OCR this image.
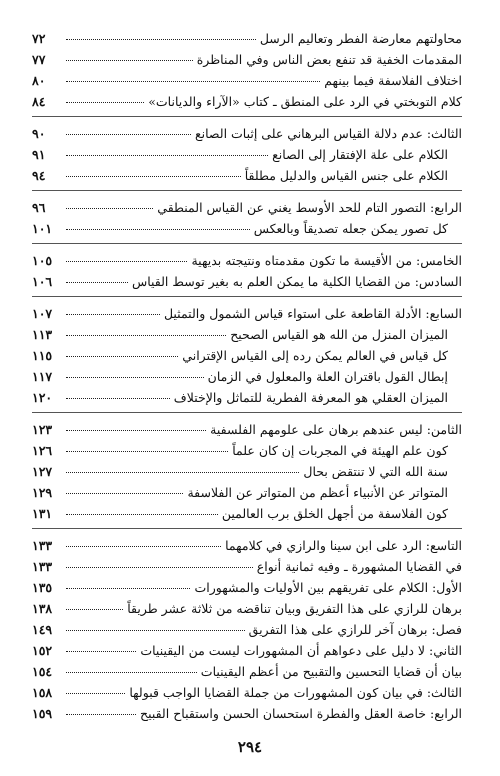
محاولتهم معارضة الفطر وتعاليم الرسل
٧٢
المقدمات الخفية قد تنفع بعض الناس وفي المناظرة
٧٧
اختلاف الفلاسفة فيما بينهم
٨٠
كلام التوبختي في الرد على المنطق ـ كتاب «الآراء والديانات»
٨٤
الثالث: عدم دلالة القياس البرهاني على إثبات الصانع
٩٠
الكلام على علة الإفتقار إلى الصانع
٩١
الكلام على جنس القياس والدليل مطلقاً
٩٤
الرابع: التصور التام للحد الأوسط يغني عن القياس المنطقي
٩٦
كل تصور يمكن جعله تصديقاً وبالعكس
١٠١
الخامس: من الأقيسة ما تكون مقدمتاه ونتيجته بديهية
١٠٥
السادس: من القضايا الكلية ما يمكن العلم به بغير توسط القياس
١٠٦
السابع: الأدلة القاطعة على استواء قياس الشمول والتمثيل
١٠٧
الميزان المنزل من الله هو القياس الصحيح
١١٣
كل قياس في العالم يمكن رده إلى القياس الإقتراني
١١٥
إبطال القول باقتران العلة والمعلول في الزمان
١١٧
الميزان العقلي هو المعرفة الفطرية للتماثل والإختلاف
١٢٠
الثامن: ليس عندهم برهان على علومهم الفلسفية
١٢٣
كون علم الهيئة في المجربات إن كان علماً
١٢٦
سنة الله التي لا تنتقض بحال
١٢٧
المتواتر عن الأنبياء أعظم من المتواتر عن الفلاسفة
١٢٩
كون الفلاسفة من أجهل الخلق برب العالمين
١٣١
التاسع: الرد على ابن سينا والرازي في كلامهما
١٣٣
في القضايا المشهورة ـ وفيه ثمانية أنواع
١٣٣
الأول: الكلام على تفريقهم بين الأوليات والمشهورات
١٣٥
برهان للرازي على هذا التفريق وبيان تناقضه من ثلاثة عشر طريقاً
١٣٨
فصل: برهان آخر للرازي على هذا التفريق
١٤٩
الثاني: لا دليل على دعواهم أن المشهورات ليست من اليقينيات
١٥٢
بيان أن قضايا التحسين والتقبيح من أعظم اليقينيات
١٥٤
الثالث: في بيان كون المشهورات من جملة القضايا الواجب قبولها
١٥٨
الرابع: خاصة العقل والفطرة استحسان الحسن واستقباح القبيح
١٥٩
٢٩٤
